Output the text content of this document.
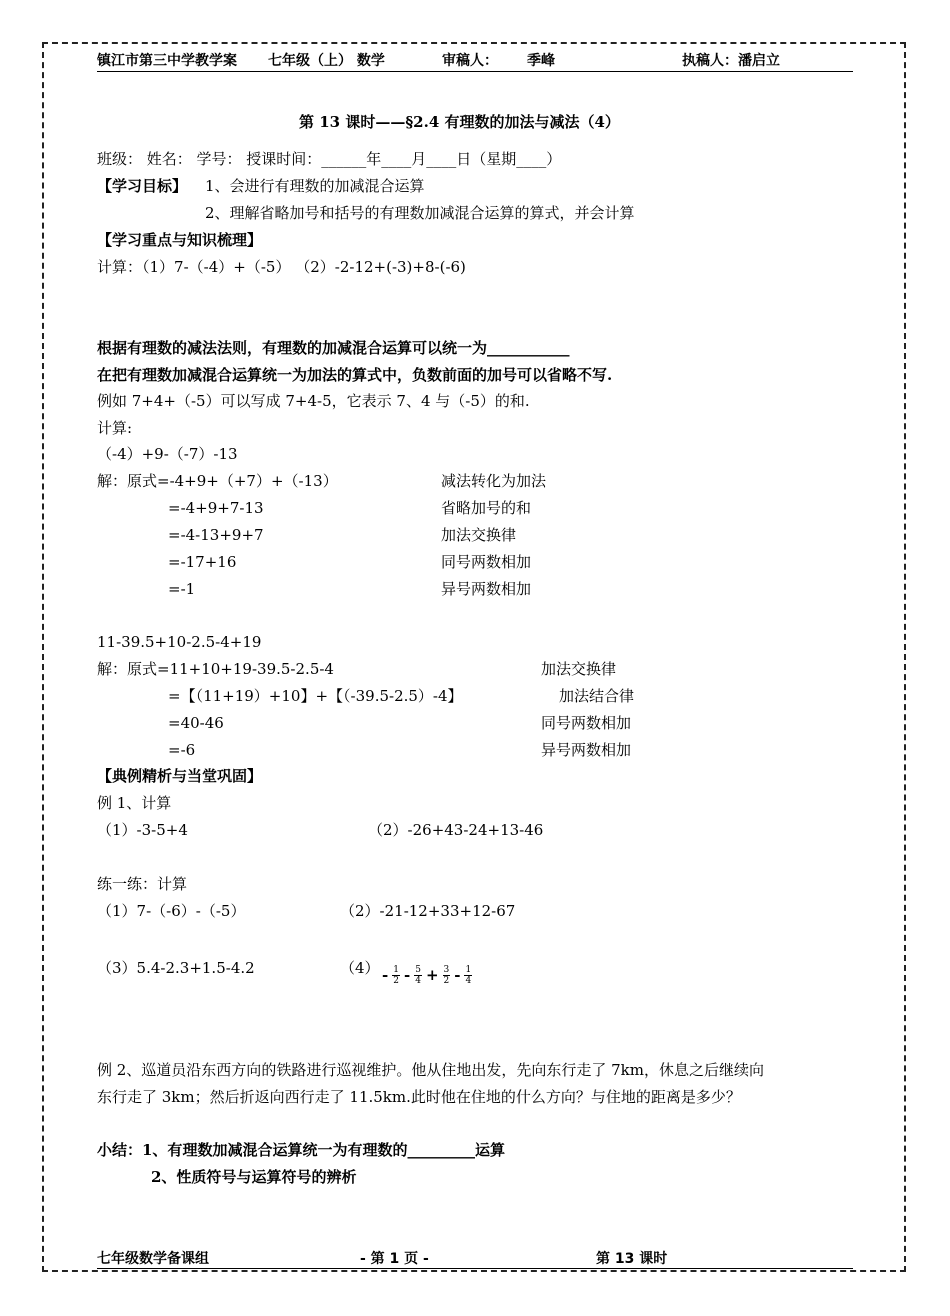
镇江市第三中学教学案 七年级（上） 数学	审稿人： 季峰	执稿人：潘启立
第 13 课时——§2.4 有理数的加法与减法（4）
班级： 姓名： 学号： 授课时间：______年____月____日（星期____）
【学习目标】 1、会进行有理数的加减混合运算
2、理解省略加号和括号的有理数加减混合运算的算式，并会计算
【学习重点与知识梳理】
计算：（1）7-（-4）+（-5） （2）-2-12+(-3)+8-(-6)
根据有理数的减法法则，有理数的加减混合运算可以统一为___________
在把有理数加减混合运算统一为加法的算式中，负数前面的加号可以省略不写.
例如 7+4+（-5）可以写成 7+4-5，它表示 7、4 与（-5）的和.
计算:
（-4）+9-（-7）-13
解：原式=-4+9+（+7）+（-13）	减法转化为加法
=-4+9+7-13	省略加号的和
=-4-13+9+7	加法交换律
=-17+16	同号两数相加
=-1	异号两数相加
11-39.5+10-2.5-4+19
解：原式=11+10+19-39.5-2.5-4	加法交换律
=【（11+19）+10】+【（-39.5-2.5）-4】	加法结合律
=40-46	同号两数相加
=-6	异号两数相加
【典例精析与当堂巩固】
例 1、计算
（1）-3-5+4	（2）-26+43-24+13-46
练一练：计算
（1）7-（-6）-（-5）	（2）-21-12+33+12-67
（3）5.4-2.3+1.5-4.2	$(4) - \frac{1}{2} - \frac{5}{4} + \frac{3}{2} - \frac{1}{4}$
例 2、巡道员沿东西方向的铁路进行巡视维护。他从住地出发，先向东行走了 7km，休息之后继续向
东行走了 3km；然后折返向西行走了 11.5km.此时他在住地的什么方向？与住地的距离是多少？
小结：1、有理数加减混合运算统一为有理数的_________运算
2、性质符号与运算符号的辨析
七年级数学备课组	- 第 1 页 -	第 13 课时
